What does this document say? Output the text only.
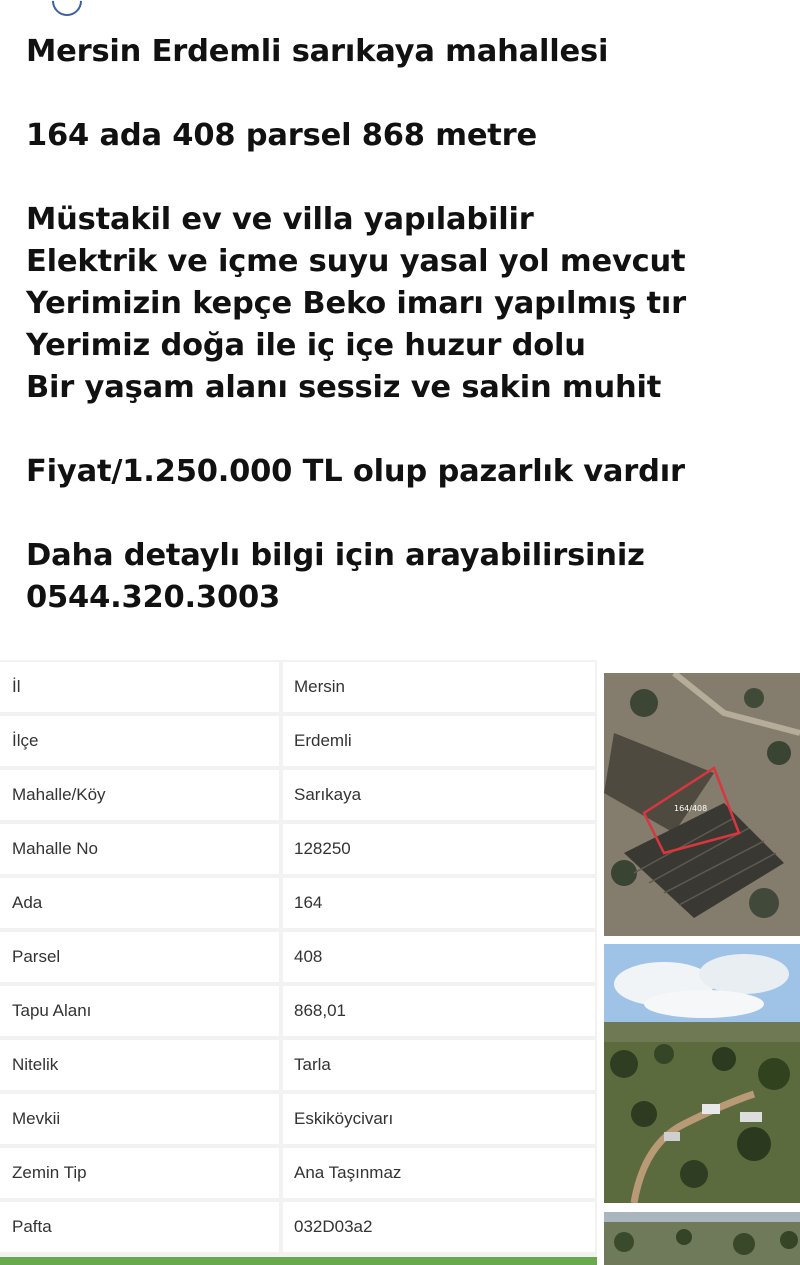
Mersin Erdemli sarıkaya mahallesi
164 ada 408 parsel 868 metre
Müstakil ev ve villa yapılabilir
Elektrik ve içme suyu yasal yol mevcut
Yerimizin kepçe Beko imarı yapılmış tır
Yerimiz doğa ile iç içe huzur dolu
Bir yaşam alanı sessiz ve sakin muhit
Fiyat/1.250.000 TL olup pazarlık vardır
Daha detaylı bilgi için arayabilirsiniz
0544.320.3003
İl	Mersin
İlçe	Erdemli
Mahalle/Köy	Sarıkaya
Mahalle No	128250
Ada	164
Parsel	408
Tapu Alanı	868,01
Nitelik	Tarla
Mevkii	Eskiköycivarı
Zemin Tip	Ana Taşınmaz
Pafta	032D03a2
164/408
